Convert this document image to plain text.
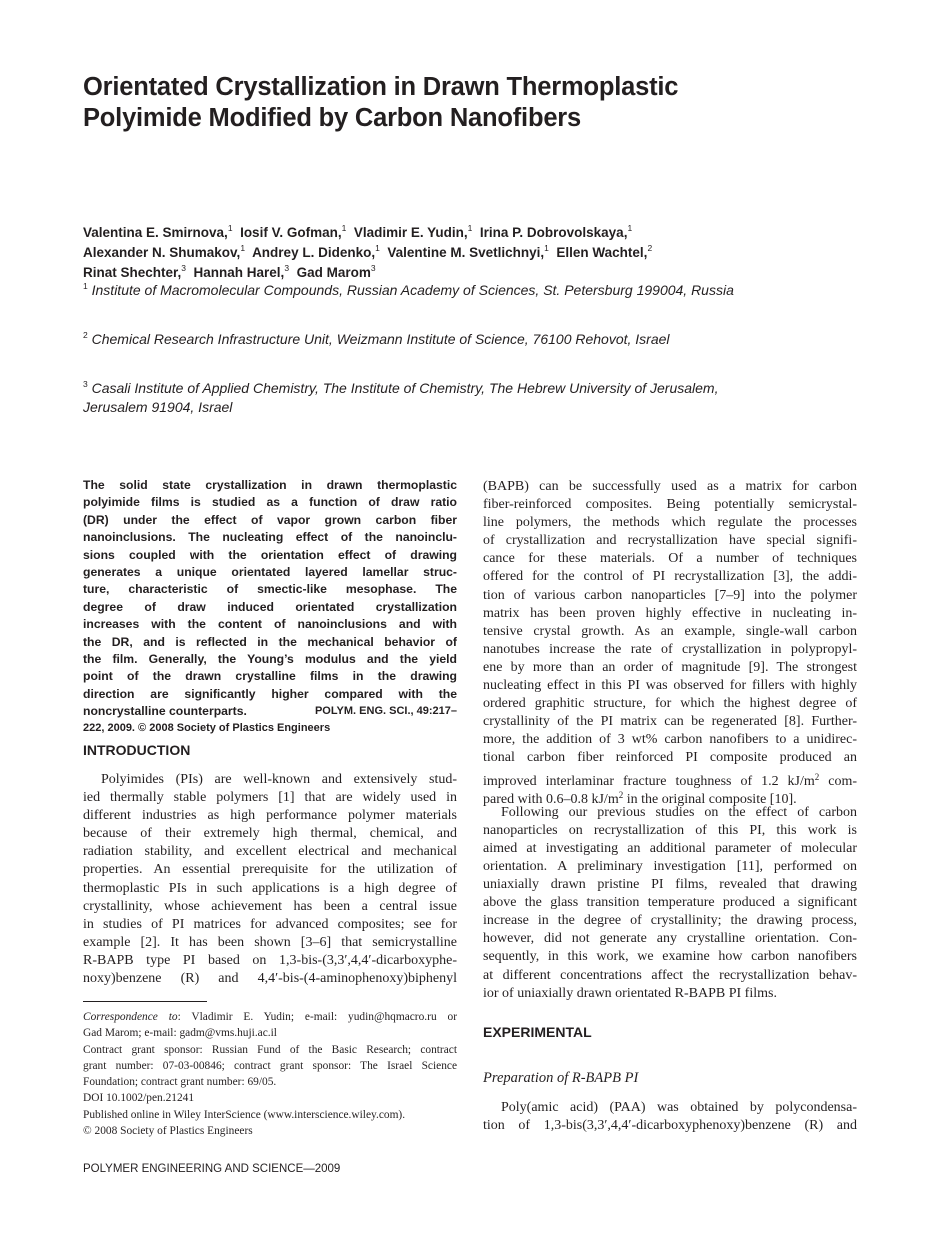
Orientated Crystallization in Drawn Thermoplastic
Polyimide Modified by Carbon Nanofibers
Valentina E. Smirnova,$^1$ Iosif V. Gofman,$^1$ Vladimir E. Yudin,$^1$ Irina P. Dobrovolskaya,$^1$
Alexander N. Shumakov,$^1$ Andrey L. Didenko,$^1$ Valentine M. Svetlichnyi,$^1$ Ellen Wachtel,$^2$
Rinat Shechter,$^3$ Hannah Harel,$^3$ Gad Marom$^3$
$^1$ Institute of Macromolecular Compounds, Russian Academy of Sciences, St. Petersburg 199004, Russia
$^2$ Chemical Research Infrastructure Unit, Weizmann Institute of Science, 76100 Rehovot, Israel
$^3$ Casali Institute of Applied Chemistry, The Institute of Chemistry, The Hebrew University of Jerusalem,
Jerusalem 91904, Israel
The solid state crystallization in drawn thermoplastic
polyimide films is studied as a function of draw ratio
(DR) under the effect of vapor grown carbon fiber
nanoinclusions. The nucleating effect of the nanoinclu-
sions coupled with the orientation effect of drawing
generates a unique orientated layered lamellar struc-
ture, characteristic of smectic-like mesophase. The
degree of draw induced orientated crystallization
increases with the content of nanoinclusions and with
the DR, and is reflected in the mechanical behavior of
the film. Generally, the Young’s modulus and the yield
point of the drawn crystalline films in the drawing
direction are significantly higher compared with the
noncrystalline counterparts.	POLYM. ENG. SCI., 49:217–
222, 2009. © 2008 Society of Plastics Engineers
INTRODUCTION
Polyimides (PIs) are well-known and extensively stud-
ied thermally stable polymers [1] that are widely used in
different industries as high performance polymer materials
because of their extremely high thermal, chemical, and
radiation stability, and excellent electrical and mechanical
properties. An essential prerequisite for the utilization of
thermoplastic PIs in such applications is a high degree of
crystallinity, whose achievement has been a central issue
in studies of PI matrices for advanced composites; see for
example [2]. It has been shown [3–6] that semicrystalline
R-BAPB type PI based on 1,3-bis-(3,3′,4,4′-dicarboxyphe-
noxy)benzene (R) and 4,4′-bis-(4-aminophenoxy)biphenyl
Correspondence to: Vladimir E. Yudin; e-mail: yudin@hqmacro.ru or
Gad Marom; e-mail: gadm@vms.huji.ac.il
Contract grant sponsor: Russian Fund of the Basic Research; contract
grant number: 07-03-00846; contract grant sponsor: The Israel Science
Foundation; contract grant number: 69/05.
DOI 10.1002/pen.21241
Published online in Wiley InterScience (www.interscience.wiley.com).
© 2008 Society of Plastics Engineers
POLYMER ENGINEERING AND SCIENCE—2009
(BAPB) can be successfully used as a matrix for carbon
fiber-reinforced composites. Being potentially semicrystal-
line polymers, the methods which regulate the processes
of crystallization and recrystallization have special signifi-
cance for these materials. Of a number of techniques
offered for the control of PI recrystallization [3], the addi-
tion of various carbon nanoparticles [7–9] into the polymer
matrix has been proven highly effective in nucleating in-
tensive crystal growth. As an example, single-wall carbon
nanotubes increase the rate of crystallization in polypropyl-
ene by more than an order of magnitude [9]. The strongest
nucleating effect in this PI was observed for fillers with highly
ordered graphitic structure, for which the highest degree of
crystallinity of the PI matrix can be regenerated [8]. Further-
more, the addition of 3 wt% carbon nanofibers to a unidirec-
tional carbon fiber reinforced PI composite produced an
improved interlaminar fracture toughness of 1.2 $kJ/m^2$ com-
pared with 0.6–0.8 $kJ/m^2$ in the original composite [10].
Following our previous studies on the effect of carbon
nanoparticles on recrystallization of this PI, this work is
aimed at investigating an additional parameter of molecular
orientation. A preliminary investigation [11], performed on
uniaxially drawn pristine PI films, revealed that drawing
above the glass transition temperature produced a significant
increase in the degree of crystallinity; the drawing process,
however, did not generate any crystalline orientation. Con-
sequently, in this work, we examine how carbon nanofibers
at different concentrations affect the recrystallization behav-
ior of uniaxially drawn orientated R-BAPB PI films.
EXPERIMENTAL
Preparation of R-BAPB PI
Poly(amic acid) (PAA) was obtained by polycondensa-
tion of 1,3-bis(3,3′,4,4′-dicarboxyphenoxy)benzene (R) and
